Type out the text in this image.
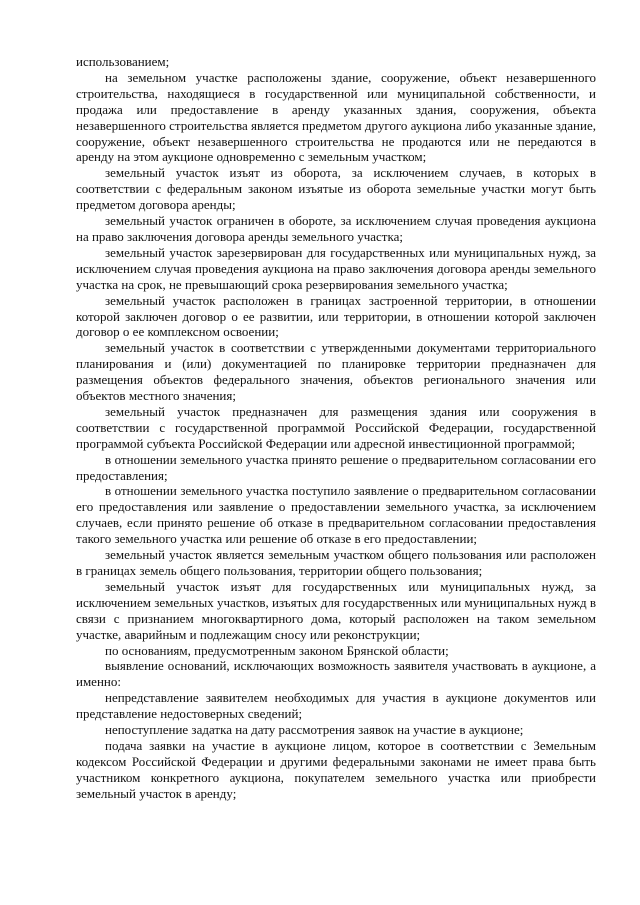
использованием;

на земельном участке расположены здание, сооружение, объект незавершенного строительства, находящиеся в государственной или муниципальной собственности, и продажа или предоставление в аренду указанных здания, сооружения, объекта незавершенного строительства является предметом другого аукциона либо указанные здание, сооружение, объект незавершенного строительства не продаются или не передаются в аренду на этом аукционе одновременно с земельным участком;

земельный участок изъят из оборота, за исключением случаев, в которых в соответствии с федеральным законом изъятые из оборота земельные участки могут быть предметом договора аренды;

земельный участок ограничен в обороте, за исключением случая проведения аукциона на право заключения договора аренды земельного участка;

земельный участок зарезервирован для государственных или муниципальных нужд, за исключением случая проведения аукциона на право заключения договора аренды земельного участка на срок, не превышающий срока резервирования земельного участка;

земельный участок расположен в границах застроенной территории, в отношении которой заключен договор о ее развитии, или территории, в отношении которой заключен договор о ее комплексном освоении;

земельный участок в соответствии с утвержденными документами территориального планирования и (или) документацией по планировке территории предназначен для размещения объектов федерального значения, объектов регионального значения или объектов местного значения;

земельный участок предназначен для размещения здания или сооружения в соответствии с государственной программой Российской Федерации, государственной программой субъекта Российской Федерации или адресной инвестиционной программой;

в отношении земельного участка принято решение о предварительном согласовании его предоставления;

в отношении земельного участка поступило заявление о предварительном согласовании его предоставления или заявление о предоставлении земельного участка, за исключением случаев, если принято решение об отказе в предварительном согласовании предоставления такого земельного участка или решение об отказе в его предоставлении;

земельный участок является земельным участком общего пользования или расположен в границах земель общего пользования, территории общего пользования;

земельный участок изъят для государственных или муниципальных нужд, за исключением земельных участков, изъятых для государственных или муниципальных нужд в связи с признанием многоквартирного дома, который расположен на таком земельном участке, аварийным и подлежащим сносу или реконструкции;

по основаниям, предусмотренным законом Брянской области;

выявление оснований, исключающих возможность заявителя участвовать в аукционе, а именно:

непредставление заявителем необходимых для участия в аукционе документов или представление недостоверных сведений;

непоступление задатка на дату рассмотрения заявок на участие в аукционе;

подача заявки на участие в аукционе лицом, которое в соответствии с Земельным кодексом Российской Федерации и другими федеральными законами не имеет права быть участником конкретного аукциона, покупателем земельного участка или приобрести земельный участок в аренду;
